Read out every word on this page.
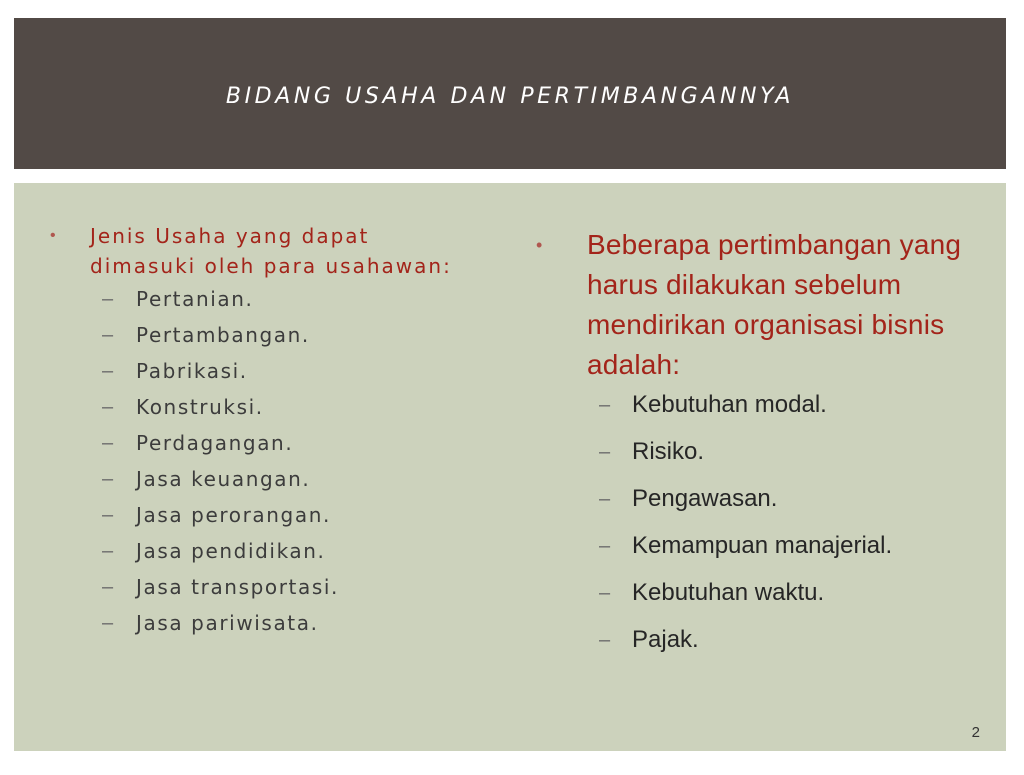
BIDANG USAHA DAN PERTIMBANGANNYA
•	Jenis Usaha yang dapat dimasuki oleh para usahawan:
–	Pertanian.
–	Pertambangan.
–	Pabrikasi.
–	Konstruksi.
–	Perdagangan.
–	Jasa keuangan.
–	Jasa perorangan.
–	Jasa pendidikan.
–	Jasa transportasi.
–	Jasa pariwisata.
•	Beberapa pertimbangan yang harus dilakukan sebelum mendirikan organisasi bisnis adalah:
– Kebutuhan modal.
– Risiko.
– Pengawasan.
– Kemampuan manajerial.
– Kebutuhan waktu.
– Pajak.
2
